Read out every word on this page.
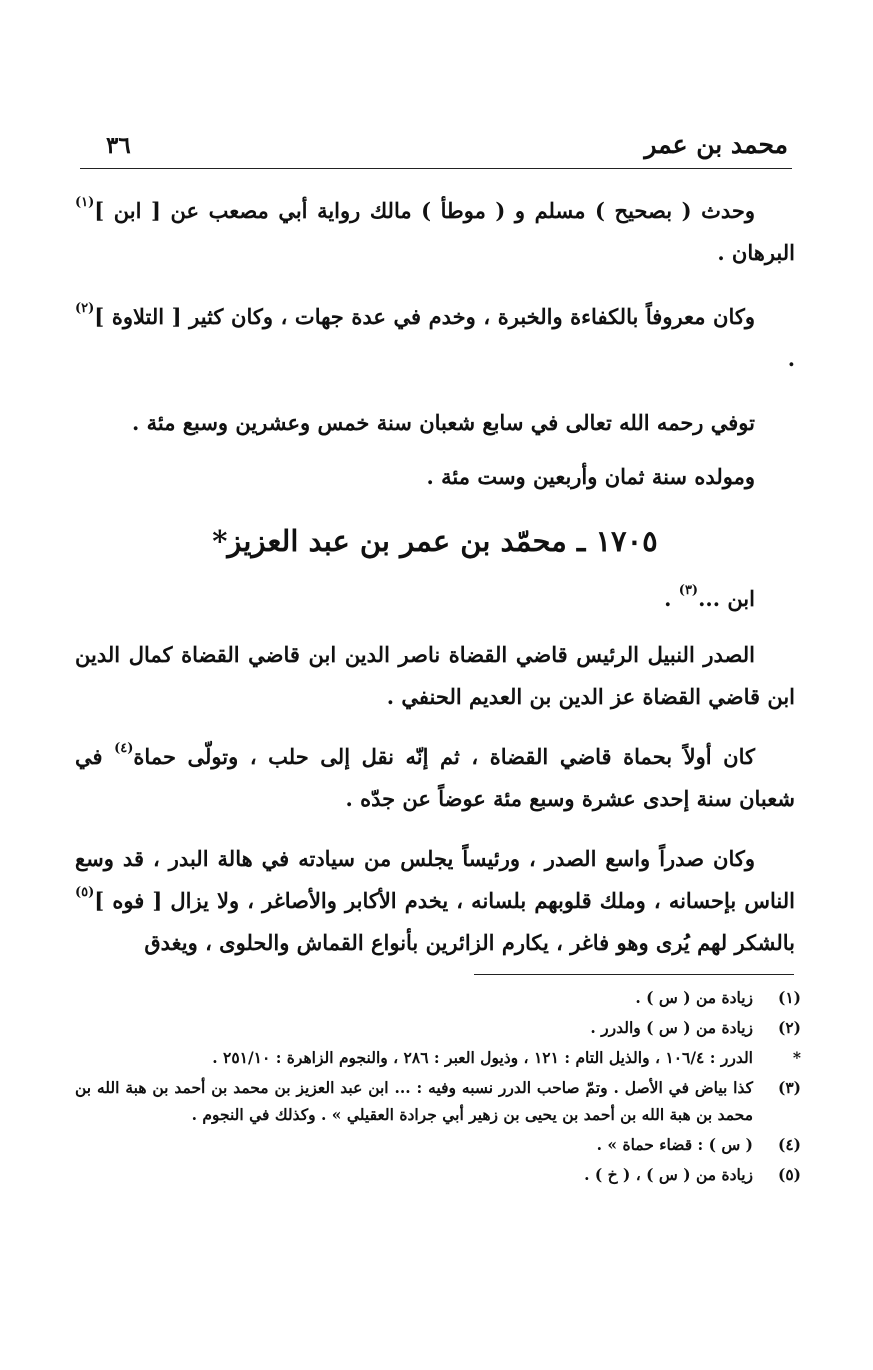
محمد بن عمر
٣٦

وحدث ( بصحيح ) مسلم و ( موطأ ) مالك رواية أبي مصعب عن [ ابن ]$^{(١)}$ البرهان .

وكان معروفاً بالكفاءة والخبرة ، وخدم في عدة جهات ، وكان كثير [ التلاوة ]$^{(٢)}$ .

توفي رحمه الله تعالى في سابع شعبان سنة خمس وعشرين وسبع مئة .

ومولده سنة ثمان وأربعين وست مئة .

١٧٠٥ ـ محمّد بن عمر بن عبد العزيز*

ابن ...$^{(٣)}$ .

الصدر النبيل الرئيس قاضي القضاة ناصر الدين ابن قاضي القضاة كمال الدين ابن قاضي القضاة عز الدين بن العديم الحنفي .

كان أولاً بحماة قاضي القضاة ، ثم إنّه نقل إلى حلب ، وتولّى حماة$^{(٤)}$ في شعبان سنة إحدى عشرة وسبع مئة عوضاً عن جدّه .

وكان صدراً واسع الصدر ، ورئيساً يجلس من سيادته في هالة البدر ، قد وسع الناس بإحسانه ، وملك قلوبهم بلسانه ، يخدم الأكابر والأصاغر ، ولا يزال [ فوه ]$^{(٥)}$ بالشكر لهم يُرى وهو فاغر ، يكارم الزائرين بأنواع القماش والحلوى ، ويغدق

(١)
زيادة من ( س ) .
(٢)
زيادة من ( س ) والدرر .
*
الدرر : ١٠٦/٤ ، والذيل التام : ١٢١ ، وذيول العبر : ٢٨٦ ، والنجوم الزاهرة : ٢٥١/١٠ .
(٣)
كذا بياض في الأصل . وتمّ صاحب الدرر نسبه وفيه : ... ابن عبد العزيز بن محمد بن أحمد بن هبة الله بن محمد بن هبة الله بن أحمد بن يحيى بن زهير أبي جرادة العقيلي » . وكذلك في النجوم .
(٤)
( س ) : قضاء حماة » .
(٥)
زيادة من ( س ) ، ( خ ) .
